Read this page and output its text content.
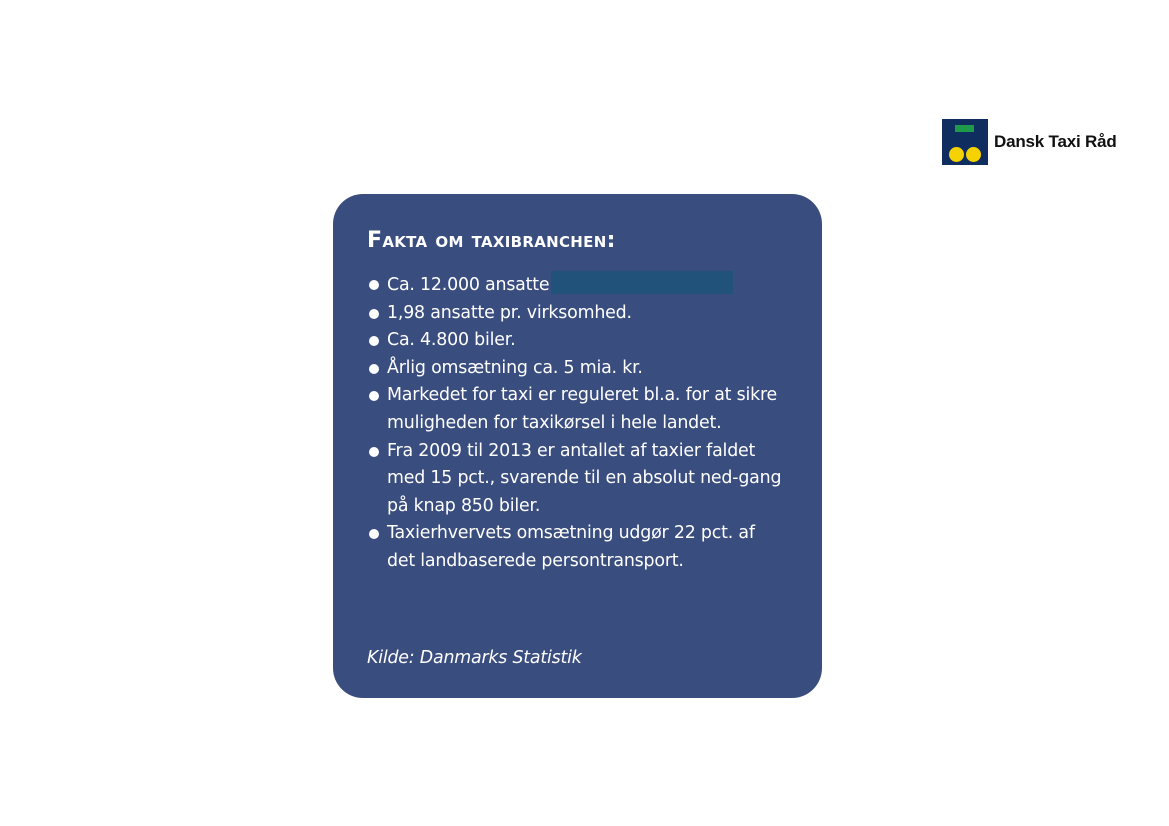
Dansk Taxi Råd
Fakta om taxibranchen:
Ca. 12.000 ansatte
1,98 ansatte pr. virksomhed.
Ca. 4.800 biler.
Årlig omsætning ca. 5 mia. kr.
Markedet for taxi er reguleret bl.a. for at sikre muligheden for taxikørsel i hele landet.
Fra 2009 til 2013 er antallet af taxier faldet med 15 pct., svarende til en absolut ned-gang på knap 850 biler.
Taxierhvervets omsætning udgør 22 pct. af det landbaserede persontransport.
Kilde: Danmarks Statistik
